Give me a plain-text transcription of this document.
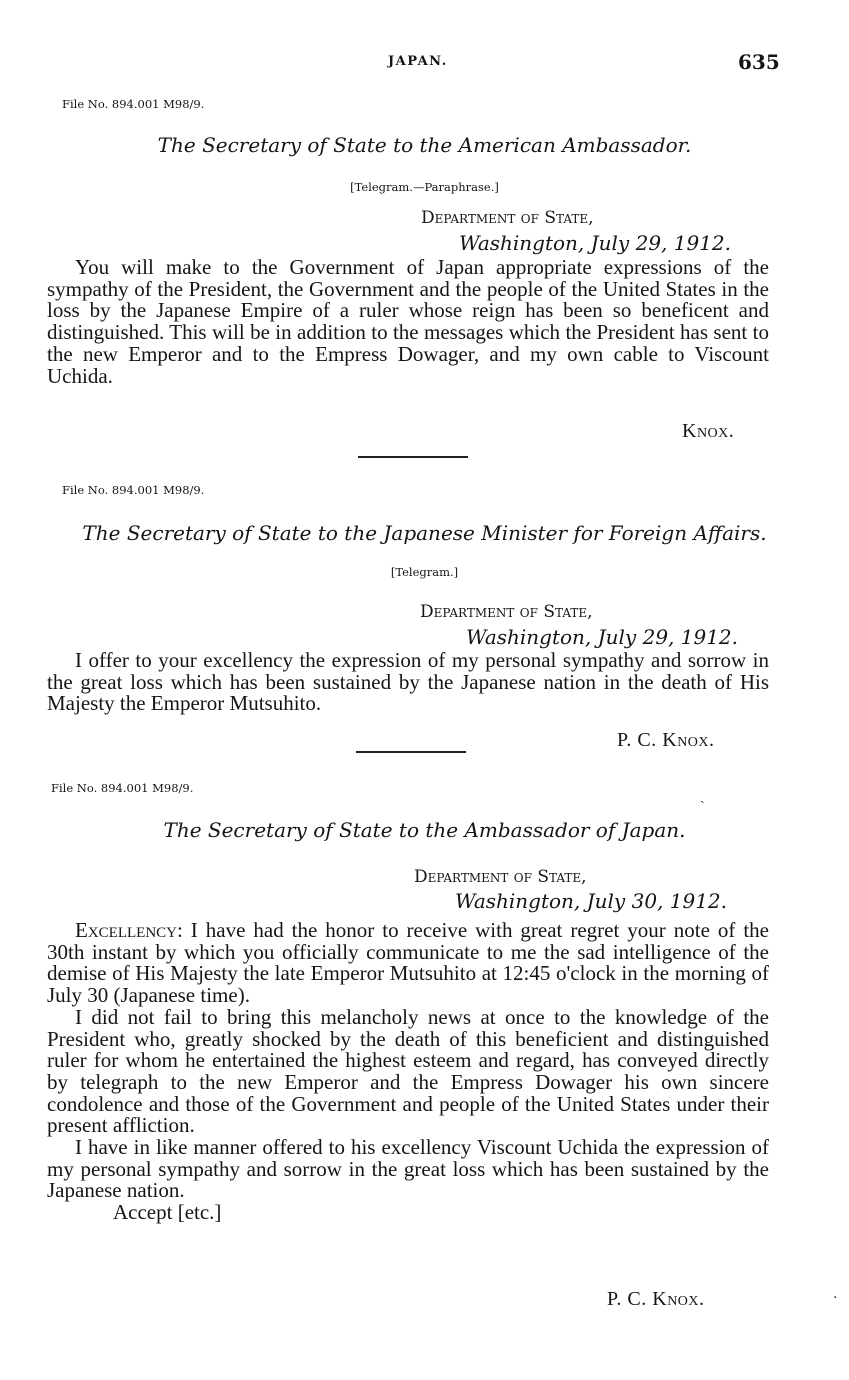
JAPAN.	635
File No. 894.001 M98/9.
The Secretary of State to the American Ambassador.
[Telegram.—Paraphrase.]
Department of State,
Washington, July 29, 1912.

You will make to the Government of Japan appropriate expressions of the sympathy of the President, the Government and the people of the United States in the loss by the Japanese Empire of a ruler whose reign has been so beneficent and distinguished. This will be in addition to the messages which the President has sent to the new Emperor and to the Empress Dowager, and my own cable to Viscount Uchida.

Knox.
File No. 894.001 M98/9.
The Secretary of State to the Japanese Minister for Foreign Affairs.
[Telegram.]
Department of State,
Washington, July 29, 1912.

I offer to your excellency the expression of my personal sympathy and sorrow in the great loss which has been sustained by the Japanese nation in the death of His Majesty the Emperor Mutsuhito.

P. C. Knox.
File No. 894.001 M98/9.
The Secretary of State to the Ambassador of Japan.
Department of State,
Washington, July 30, 1912.

Excellency: I have had the honor to receive with great regret your note of the 30th instant by which you officially communicate to me the sad intelligence of the demise of His Majesty the late Emperor Mutsuhito at 12:45 o'clock in the morning of July 30 (Japanese time).

I did not fail to bring this melancholy news at once to the knowledge of the President who, greatly shocked by the death of this beneficient and distinguished ruler for whom he entertained the highest esteem and regard, has conveyed directly by telegraph to the new Emperor and the Empress Dowager his own sincere condolence and those of the Government and people of the United States under their present affliction.

I have in like manner offered to his excellency Viscount Uchida the expression of my personal sympathy and sorrow in the great loss which has been sustained by the Japanese nation.

Accept [etc.]

P. C. Knox.
ˏ
·
